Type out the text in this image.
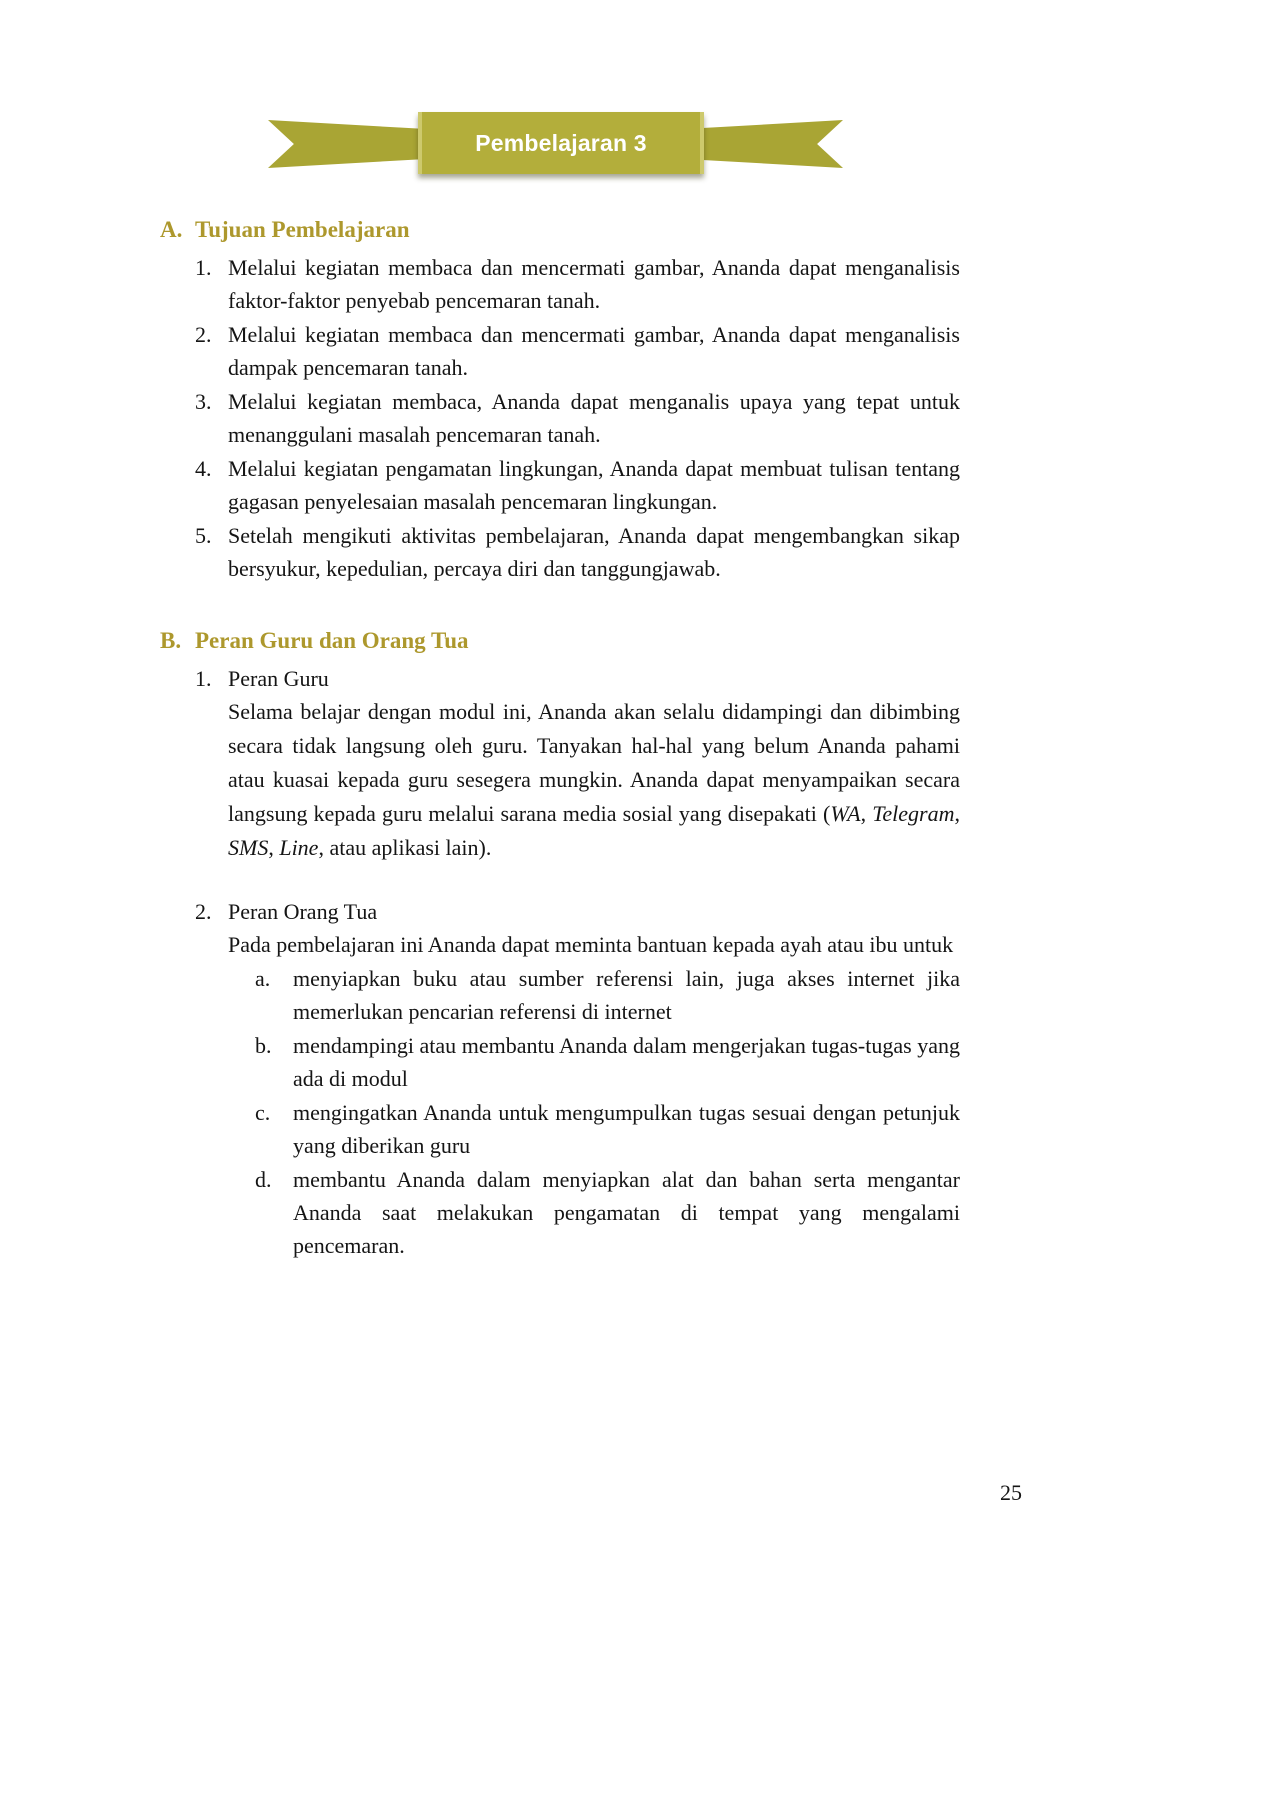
Pembelajaran 3
A. Tujuan Pembelajaran
1. Melalui kegiatan membaca dan mencermati gambar, Ananda dapat menganalisis faktor-faktor penyebab pencemaran tanah.
2. Melalui kegiatan membaca dan mencermati gambar, Ananda dapat menganalisis dampak pencemaran tanah.
3. Melalui kegiatan membaca, Ananda dapat menganalis upaya yang tepat untuk menanggulani masalah pencemaran tanah.
4. Melalui kegiatan pengamatan lingkungan, Ananda dapat membuat tulisan tentang gagasan penyelesaian masalah pencemaran lingkungan.
5. Setelah mengikuti aktivitas pembelajaran, Ananda dapat mengembangkan sikap bersyukur, kepedulian, percaya diri dan tanggungjawab.
B. Peran Guru dan Orang Tua
1. Peran Guru

Selama belajar dengan modul ini, Ananda akan selalu didampingi dan dibimbing secara tidak langsung oleh guru. Tanyakan hal-hal yang belum Ananda pahami atau kuasai kepada guru sesegera mungkin. Ananda dapat menyampaikan secara langsung kepada guru melalui sarana media sosial yang disepakati (WA, Telegram, SMS, Line, atau aplikasi lain).

2. Peran Orang Tua

Pada pembelajaran ini Ananda dapat meminta bantuan kepada ayah atau ibu untuk

a.	menyiapkan buku atau sumber referensi lain, juga akses internet jika memerlukan pencarian referensi di internet
b. mendampingi atau membantu Ananda dalam mengerjakan tugas-tugas yang ada di modul
c.	mengingatkan Ananda untuk mengumpulkan tugas sesuai dengan petunjuk yang diberikan guru
d. membantu Ananda dalam menyiapkan alat dan bahan serta mengantar Ananda saat melakukan pengamatan di tempat yang mengalami pencemaran.
25
